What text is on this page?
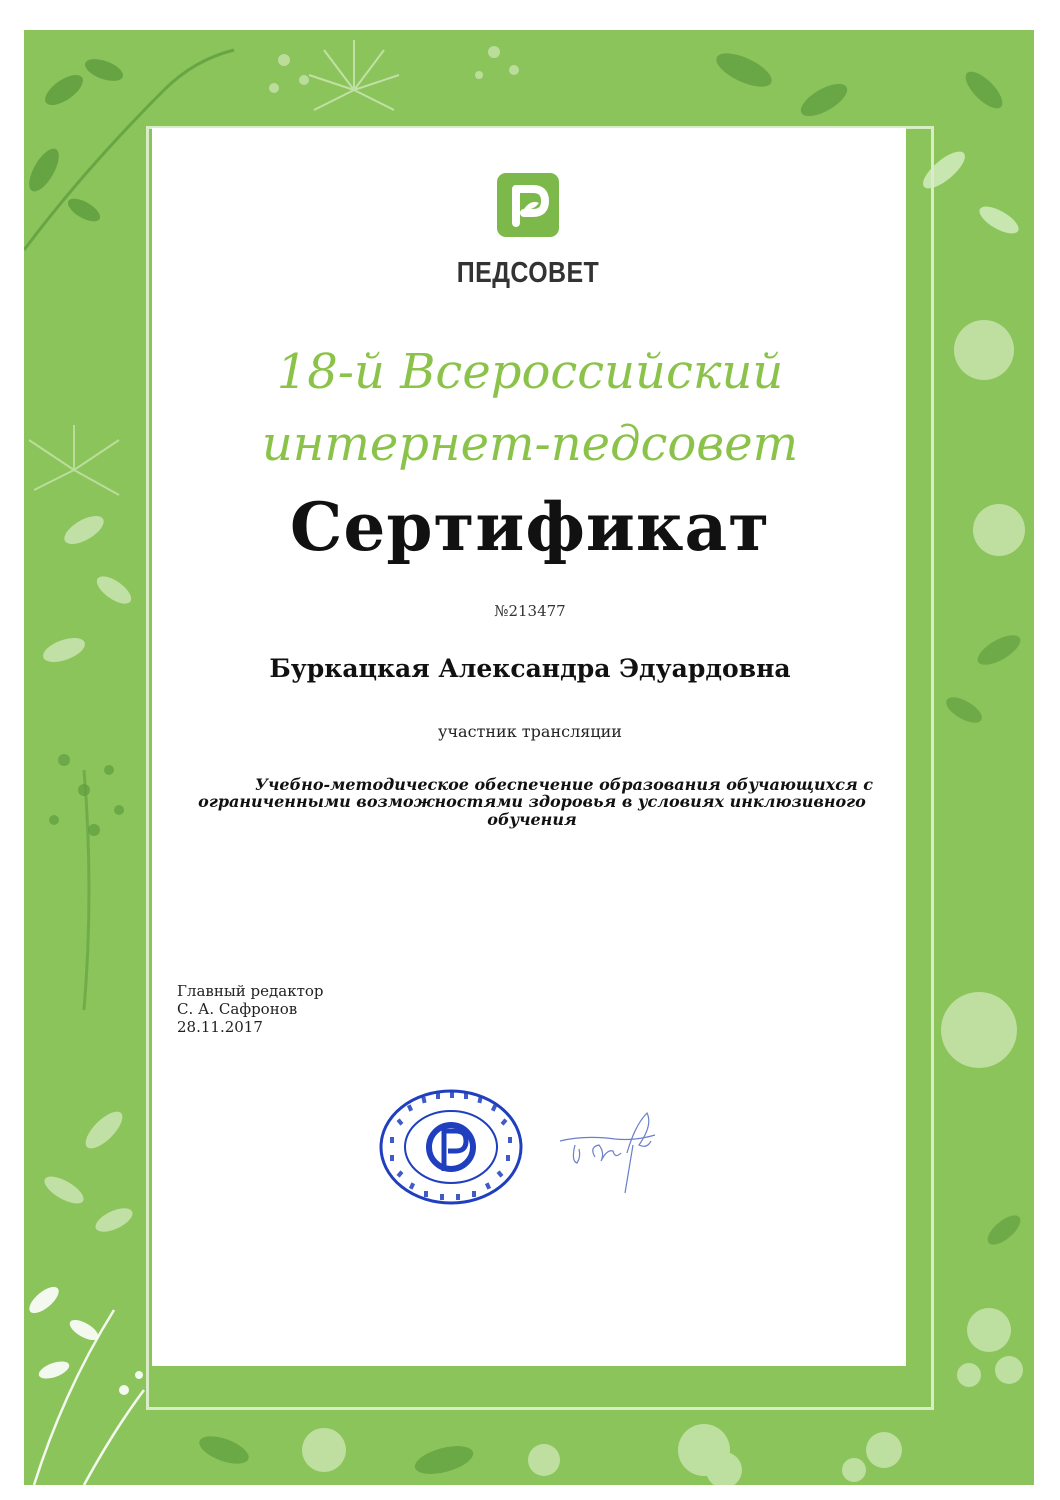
ПЕДСОВЕТ
18-й Всероссийский
интернет-педсовет
Сертификат
№213477
Буркацкая Александра Эдуардовна
участник трансляции
Учебно-методическое обеспечение образования обучающихся с ограниченными возможностями здоровья в условиях инклюзивного обучения
Главный редактор
С. А. Сафронов
28.11.2017
